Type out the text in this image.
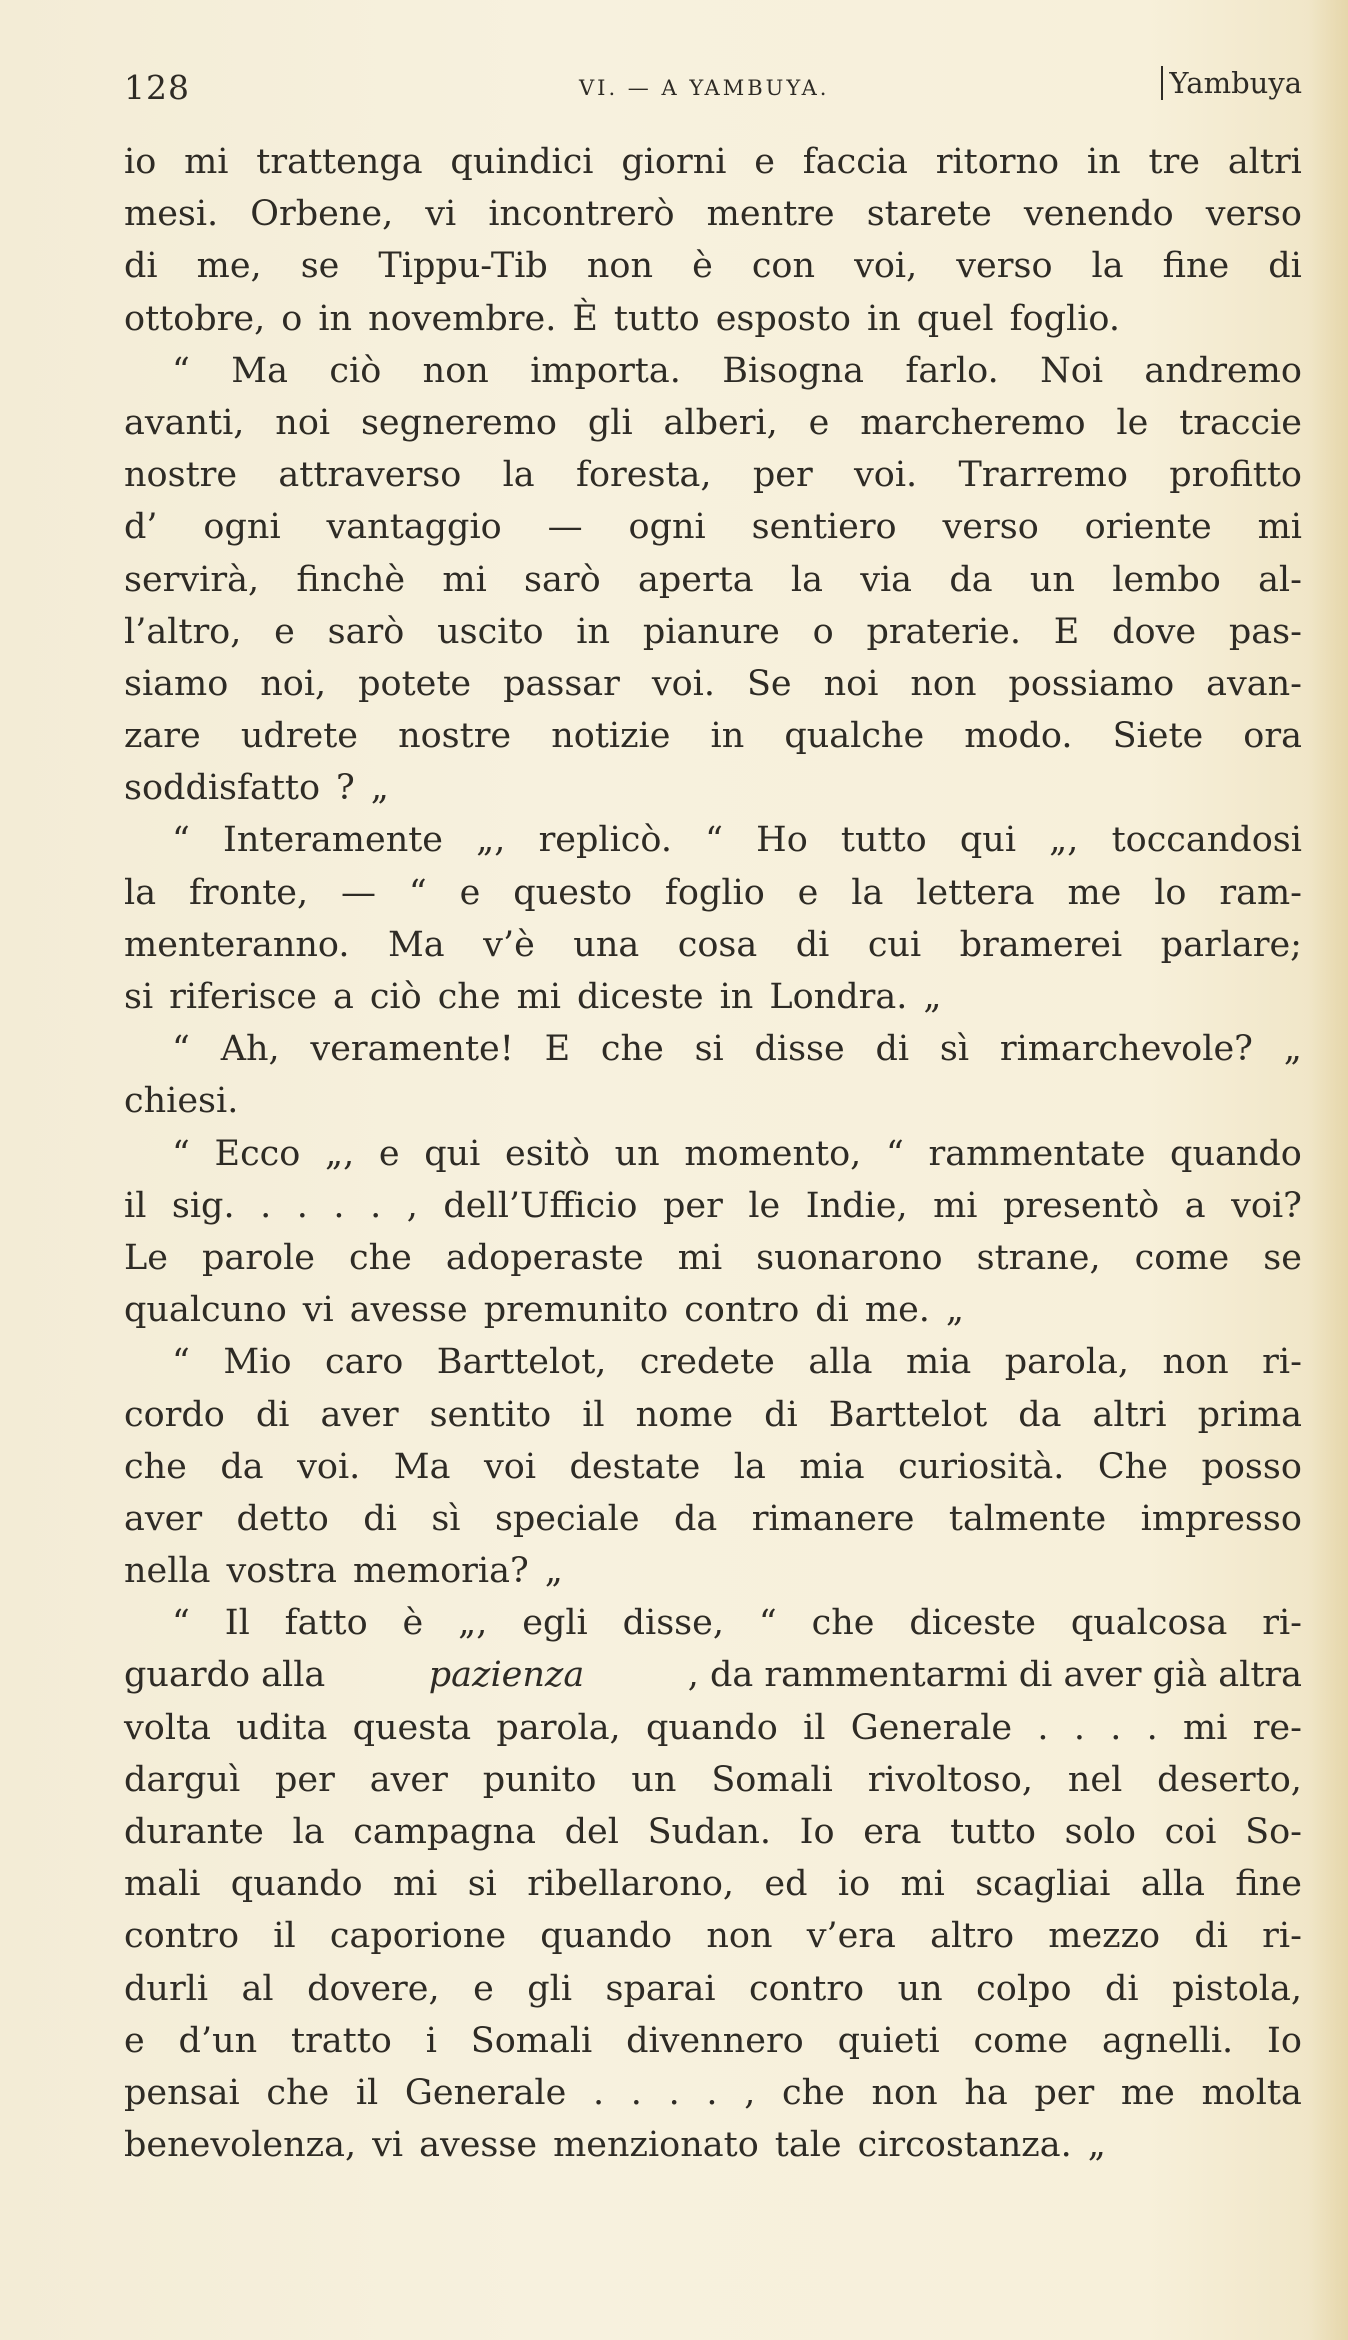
128	VI. — A YAMBUYA.	Yambuya
io mi trattenga quindici giorni e faccia ritorno in tre altri
mesi. Orbene, vi incontrerò mentre starete venendo verso
di me, se Tippu-Tib non è con voi, verso la fine di
ottobre, o in novembre. È tutto esposto in quel foglio.
“ Ma ciò non importa. Bisogna farlo. Noi andremo
avanti, noi segneremo gli alberi, e marcheremo le traccie
nostre attraverso la foresta, per voi. Trarremo profitto
d’ ogni vantaggio — ogni sentiero verso oriente mi
servirà, finchè mi sarò aperta la via da un lembo al-
l’altro, e sarò uscito in pianure o praterie. E dove pas-
siamo noi, potete passar voi. Se noi non possiamo avan-
zare udrete nostre notizie in qualche modo. Siete ora
soddisfatto ? „
“ Interamente „, replicò. “ Ho tutto qui „, toccandosi
la fronte, — “ e questo foglio e la lettera me lo ram-
menteranno. Ma v’è una cosa di cui bramerei parlare;
si riferisce a ciò che mi diceste in Londra. „
“ Ah, veramente! E che si disse di sì rimarchevole? „
chiesi.
“ Ecco „, e qui esitò un momento, “ rammentate quando
il sig. . . . . , dell’Ufficio per le Indie, mi presentò a voi?
Le parole che adoperaste mi suonarono strane, come se
qualcuno vi avesse premunito contro di me. „
“ Mio caro Barttelot, credete alla mia parola, non ri-
cordo di aver sentito il nome di Barttelot da altri prima
che da voi. Ma voi destate la mia curiosità. Che posso
aver detto di sì speciale da rimanere talmente impresso
nella vostra memoria? „
“ Il fatto è „, egli disse, “ che diceste qualcosa ri-
guardo alla	pazienza	, da rammentarmi di aver già altra
volta udita questa parola, quando il Generale . . . . mi re-
darguì per aver punito un Somali rivoltoso, nel deserto,
durante la campagna del Sudan. Io era tutto solo coi So-
mali quando mi si ribellarono, ed io mi scagliai alla fine
contro il caporione quando non v’era altro mezzo di ri-
durli al dovere, e gli sparai contro un colpo di pistola,
e d’un tratto i Somali divennero quieti come agnelli. Io
pensai che il Generale . . . . , che non ha per me molta
benevolenza, vi avesse menzionato tale circostanza. „
